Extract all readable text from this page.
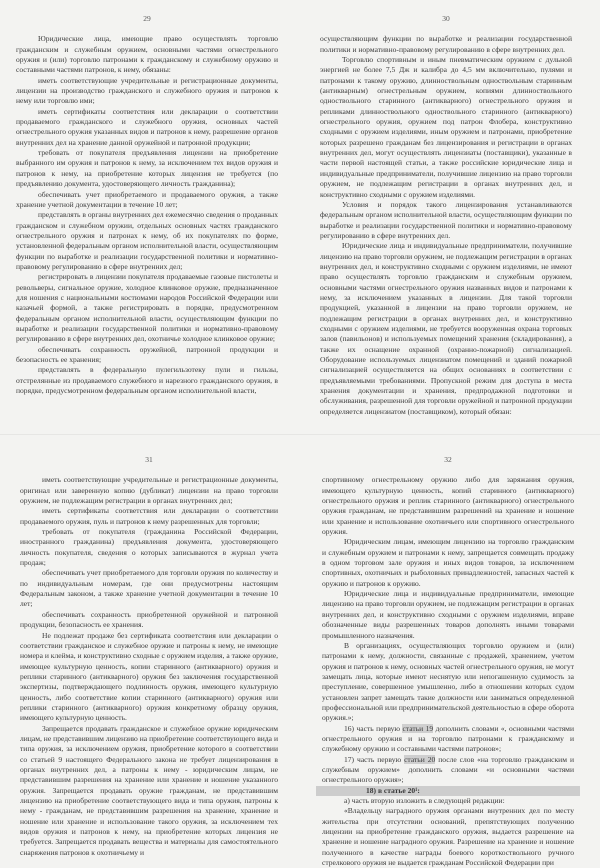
29

Юридические лица, имеющие право осуществлять торговлю гражданским и служебным оружием, основными частями огнестрельного оружия и (или) торговлю патронами к гражданскому и служебному оружию и составными частями патронов, к нему, обязаны:

иметь соответствующие учредительные и регистрационные документы, лицензии на производство гражданского и служебного оружия и патронов к нему или торговлю ими;

иметь сертификаты соответствия или декларации о соответствии продаваемого гражданского и служебного оружия, основных частей огнестрельного оружия указанных видов и патронов к нему, разрешение органов внутренних дел на хранение данной оружейной и патронной продукции;

требовать от покупателя предъявления лицензии на приобретение выбранного им оружия и патронов к нему, за исключением тех видов оружия и патронов к нему, на приобретение которых лицензия не требуется (по предъявлению документа, удостоверяющего личность гражданина);

обеспечивать учет приобретаемого и продаваемого оружия, а также хранение учетной документации в течение 10 лет;

представлять в органы внутренних дел ежемесячно сведения о проданных гражданском и служебном оружии, отдельных основных частях гражданского огнестрельного оружия и патронах к нему, об их покупателях по форме, установленной федеральным органом исполнительной власти, осуществляющим функции по выработке и реализации государственной политики и нормативно-правовому регулированию в сфере внутренних дел;

регистрировать в лицензии покупателя продаваемые газовые пистолеты и револьверы, сигнальное оружие, холодное клинковое оружие, предназначенное для ношения с национальными костюмами народов Российской Федерации или казачьей формой, а также регистрировать в порядке, предусмотренном федеральным органом исполнительной власти, осуществляющим функции по выработке и реализации государственной политики и нормативно-правовому регулированию в сфере внутренних дел, охотничье холодное клинковое оружие;

обеспечивать сохранность оружейной, патронной продукции и безопасность ее хранения;

представлять в федеральную пулегильзотеку пули и гильзы, отстрелянные из продаваемого служебного и нарезного гражданского оружия, в порядке, предусмотренном федеральным органом исполнительной власти,

30

осуществляющим функции по выработке и реализации государственной политики и нормативно-правовому регулированию в сфере внутренних дел.

Торговлю спортивным и иным пневматическим оружием с дульной энергией не более 7,5 Дж и калибра до 4,5 мм включительно, пулями и патронами к такому оружию, длинноствольным одноствольным старинным (антикварным) огнестрельным оружием, копиями длинноствольного одноствольного старинного (антикварного) огнестрельного оружия и репликами длинноствольного одноствольного старинного (антикварного) огнестрельного оружия, оружием под патрон Флобера, конструктивно сходными с оружием изделиями, иным оружием и патронами, приобретение которых разрешено гражданам без лицензирования и регистрации в органах внутренних дел, могут осуществлять лицензиаты (поставщики), указанные в части первой настоящей статьи, а также российские юридические лица и индивидуальные предприниматели, получившие лицензию на право торговли оружием, не подлежащим регистрации в органах внутренних дел, и конструктивно сходными с оружием изделиями.

Условия и порядок такого лицензирования устанавливаются федеральным органом исполнительной власти, осуществляющим функции по выработке и реализации государственной политики и нормативно-правовому регулированию в сфере внутренних дел.

Юридические лица и индивидуальные предприниматели, получившие лицензию на право торговли оружием, не подлежащим регистрации в органах внутренних дел, и конструктивно сходными с оружием изделиями, не имеют право осуществлять торговлю гражданским и служебным оружием, основными частями огнестрельного оружия названных видов и патронами к нему, за исключением указанных в лицензии. Для такой торговли продукцией, указанной в лицензии на право торговли оружием, не подлежащим регистрации в органах внутренних дел, и конструктивно сходными с оружием изделиями, не требуется вооруженная охрана торговых залов (павильонов) и используемых помещений хранения (складирования), а также их оснащение охранной (охранно-пожарной) сигнализацией. Оборудование используемых лицензиатом помещений и зданий пожарной сигнализацией осуществляется на общих основаниях в соответствии с предъявляемыми требованиями. Пропускной режим для доступа в места хранения документации и хранения, предпродажной подготовки и обслуживания, разрешенной для торговли оружейной и патронной продукции определяется лицензиатом (поставщиком), который обязан:

31

иметь соответствующие учредительные и регистрационные документы, оригинал или заверенную копию (дубликат) лицензии на право торговли оружием, не подлежащим регистрации в органах внутренних дел;

иметь сертификаты соответствия или декларации о соответствии продаваемого оружия, пуль и патронов к нему разрешенных для торговли;

требовать от покупателя (гражданина Российской Федерации, иностранного гражданина) предъявления документа, удостоверяющего личность покупателя, сведения о которых записываются в журнал учета продаж;

обеспечивать учет приобретаемого для торговли оружия по количеству и по индивидуальным номерам, где они предусмотрены настоящим Федеральным законом, а также хранение учетной документации в течение 10 лет;

обеспечивать сохранность приобретенной оружейной и патронной продукции, безопасность ее хранения.

Не подлежат продаже без сертификата соответствия или декларации о соответствии гражданское и служебное оружие и патроны к нему, не имеющие номера и клейма, и конструктивно сходные с оружием изделия, а также оружие, имеющее культурную ценность, копии старинного (антикварного) оружия и реплики старинного (антикварного) оружия без заключения государственной экспертизы, подтверждающего подлинность оружия, имеющего культурную ценность, либо соответствие копии старинного (антикварного) оружия или реплики старинного (антикварного) оружия конкретному образцу оружия, имеющего культурную ценность.

Запрещается продавать гражданское и служебное оружие юридическим лицам, не представившим лицензию на приобретение соответствующего вида и типа оружия, за исключением оружия, приобретение которого в соответствии со статьей 9 настоящего Федерального закона не требует лицензирования в органах внутренних дел, а патроны к нему - юридическим лицам, не представившим разрешения на хранение или хранение и ношение указанного оружия. Запрещается продавать оружие гражданам, не представившим лицензию на приобретение соответствующего вида и типа оружия, патроны к нему - гражданам, не представившим разрешения на хранение, хранение и ношение или хранение и использование такого оружия, за исключением тех видов оружия и патронов к нему, на приобретение которых лицензия не требуется. Запрещается продавать вещества и материалы для самостоятельного снаряжения патронов к охотничьему и

32

спортивному огнестрельному оружию либо для заряжания оружия, имеющего культурную ценность, копий старинного (антикварного) огнестрельного оружия и реплик старинного (антикварного) огнестрельного оружия гражданам, не представившим разрешений на хранение и ношение или хранение и использование охотничьего или спортивного огнестрельного оружия.

Юридическим лицам, имеющим лицензию на торговлю гражданским и служебным оружием и патронами к нему, запрещается совмещать продажу в одном торговом зале оружия и иных видов товаров, за исключением спортивных, охотничьих и рыболовных принадлежностей, запасных частей к оружию и патронов к оружию.

Юридические лица и индивидуальные предприниматели, имеющие лицензию на право торговли оружием, не подлежащим регистрации в органах внутренних дел, и конструктивно сходными с оружием изделиями, вправе обозначенные виды разрешенных товаров дополнять иными товарами промышленного назначения.

В организациях, осуществляющих торговлю оружием и (или) патронами к нему, должности, связанные с продажей, хранением, учетом оружия и патронов к нему, основных частей огнестрельного оружия, не могут замещать лица, которые имеют неснятую или непогашенную судимость за преступление, совершенное умышленно, либо в отношении которых судом установлен запрет замещать такие должности или заниматься определенной профессиональной или предпринимательской деятельностью в сфере оборота оружия.»;

16) часть первую статьи 19 дополнить словами «, основными частями огнестрельного оружия и на торговлю патронами к гражданскому и служебному оружию и составными частями патронов»;

17) часть первую статьи 20 после слов «на торговлю гражданским и служебным оружием» дополнить словами «и основными частями огнестрельного оружия»;

18) в статье 20¹:

а) часть вторую изложить в следующей редакции:

«Владельцу наградного оружия органами внутренних дел по месту жительства при отсутствии оснований, препятствующих получению лицензии на приобретение гражданского оружия, выдается разрешение на хранение и ношение наградного оружия. Разрешение на хранение и ношение полученного в качестве награды боевого короткоствольного ручного стрелкового оружия не выдается гражданам Российской Федерации при
